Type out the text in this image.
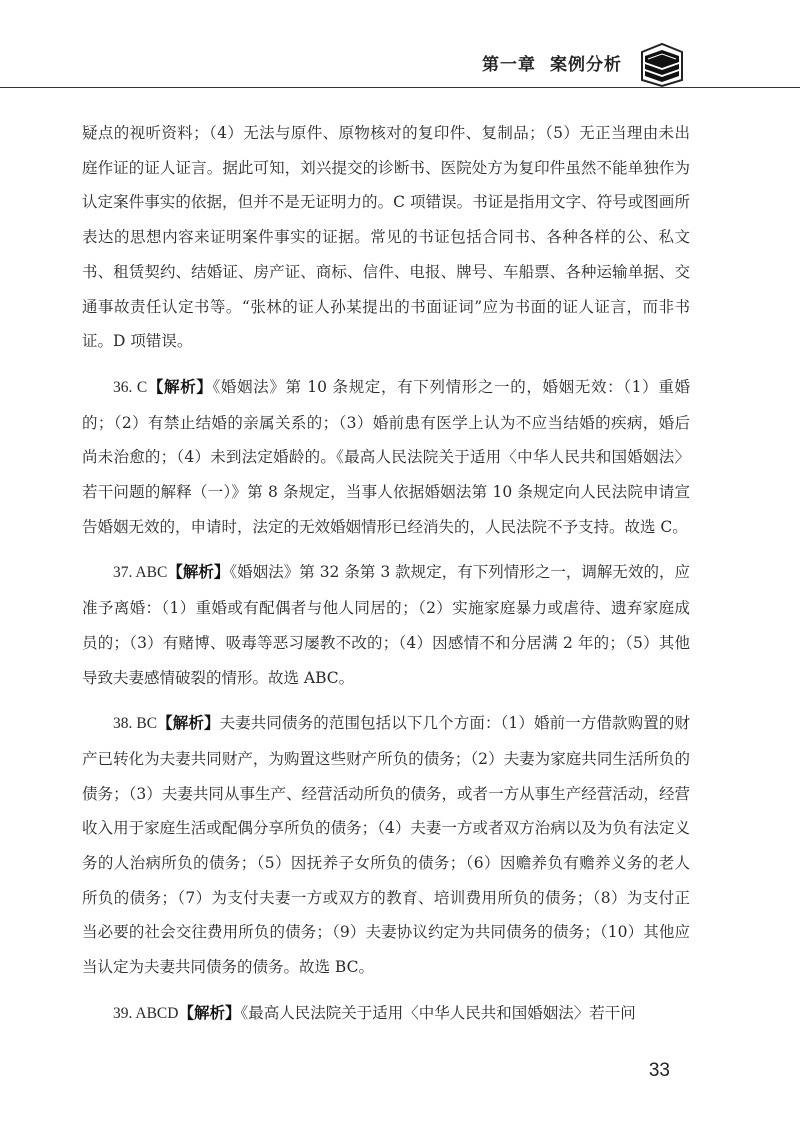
第一章 案例分析

疑点的视听资料；（4）无法与原件、原物核对的复印件、复制品；（5）无正当理由未出庭作证的证人证言。据此可知，刘兴提交的诊断书、医院处方为复印件虽然不能单独作为认定案件事实的依据，但并不是无证明力的。C 项错误。书证是指用文字、符号或图画所表达的思想内容来证明案件事实的证据。常见的书证包括合同书、各种各样的公、私文书、租赁契约、结婚证、房产证、商标、信件、电报、牌号、车船票、各种运输单据、交通事故责任认定书等。“张林的证人孙某提出的书面证词”应为书面的证人证言，而非书证。D 项错误。

36. C【解析】《婚姻法》第 10 条规定，有下列情形之一的，婚姻无效：（1）重婚的；（2）有禁止结婚的亲属关系的；（3）婚前患有医学上认为不应当结婚的疾病，婚后尚未治愈的；（4）未到法定婚龄的。《最高人民法院关于适用〈中华人民共和国婚姻法〉若干问题的解释（一）》第 8 条规定，当事人依据婚姻法第 10 条规定向人民法院申请宣告婚姻无效的，申请时，法定的无效婚姻情形已经消失的，人民法院不予支持。故选 C。

37. ABC【解析】《婚姻法》第 32 条第 3 款规定，有下列情形之一，调解无效的，应准予离婚：（1）重婚或有配偶者与他人同居的；（2）实施家庭暴力或虐待、遗弃家庭成员的；（3）有赌博、吸毒等恶习屡教不改的；（4）因感情不和分居满 2 年的；（5）其他导致夫妻感情破裂的情形。故选 ABC。

38. BC【解析】夫妻共同债务的范围包括以下几个方面：（1）婚前一方借款购置的财产已转化为夫妻共同财产，为购置这些财产所负的债务；（2）夫妻为家庭共同生活所负的债务；（3）夫妻共同从事生产、经营活动所负的债务，或者一方从事生产经营活动，经营收入用于家庭生活或配偶分享所负的债务；（4）夫妻一方或者双方治病以及为负有法定义务的人治病所负的债务；（5）因抚养子女所负的债务；（6）因赡养负有赡养义务的老人所负的债务；（7）为支付夫妻一方或双方的教育、培训费用所负的债务；（8）为支付正当必要的社会交往费用所负的债务；（9）夫妻协议约定为共同债务的债务；（10）其他应当认定为夫妻共同债务的债务。故选 BC。

39. ABCD【解析】《最高人民法院关于适用〈中华人民共和国婚姻法〉若干问

33
